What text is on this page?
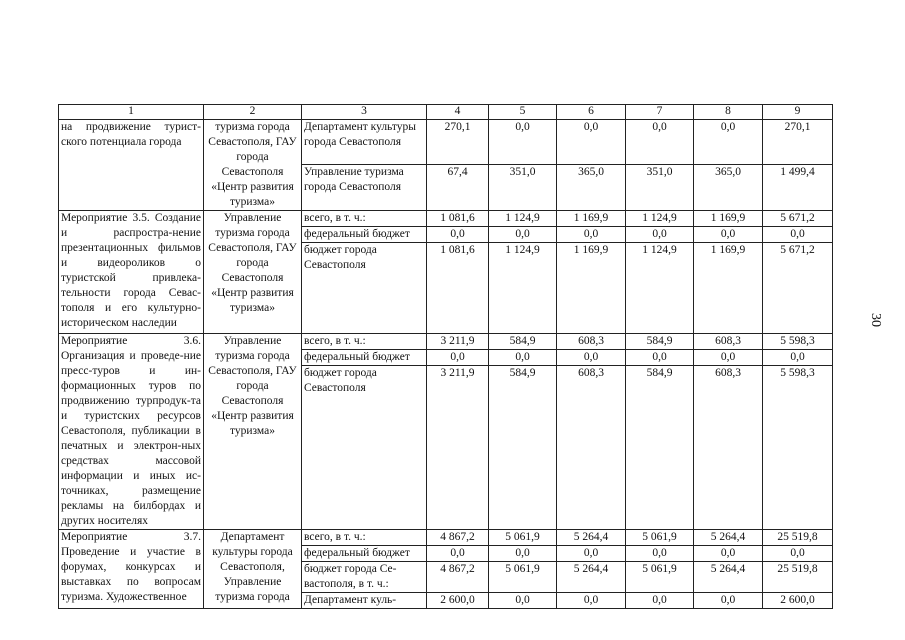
1	2	3	4	5	6	7	8	9
на продвижение турист-ского потенциала города	туризма города Севастополя, ГАУ города Севастополя «Центр развития туризма»	Департамент культуры города Севастополя	270,1	0,0	0,0	0,0	0,0	270,1
		Управление туризма города Севастополя	67,4	351,0	365,0	351,0	365,0	1 499,4
Мероприятие 3.5. Создание и распростра-нение презентационных фильмов и видеороликов о туристской привлека-тельности города Севас-тополя и его культурно-историческом наследии	Управление туризма города Севастополя, ГАУ города Севастополя «Центр развития туризма»	всего, в т. ч.:	1 081,6	1 124,9	1 169,9	1 124,9	1 169,9	5 671,2
		федеральный бюджет	0,0	0,0	0,0	0,0	0,0	0,0
		бюджет города Севастополя	1 081,6	1 124,9	1 169,9	1 124,9	1 169,9	5 671,2
Мероприятие 3.6. Организация и проведе-ние пресс-туров и ин-формационных туров по продвижению турпродук-та и туристских ресурсов Севастополя, публикации в печатных и электрон-ных средствах массовой информации и иных ис-точниках, размещение рекламы на билбордах и других носителях	Управление туризма города Севастополя, ГАУ города Севастополя «Центр развития туризма»	всего, в т. ч.:	3 211,9	584,9	608,3	584,9	608,3	5 598,3
		федеральный бюджет	0,0	0,0	0,0	0,0	0,0	0,0
		бюджет города Севастополя	3 211,9	584,9	608,3	584,9	608,3	5 598,3
Мероприятие 3.7. Проведение и участие в форумах, конкурсах и выставках по вопросам туризма. Художественное	Департамент культуры города Севастополя, Управление туризма города	всего, в т. ч.:	4 867,2	5 061,9	5 264,4	5 061,9	5 264,4	25 519,8
		федеральный бюджет	0,0	0,0	0,0	0,0	0,0	0,0
		бюджет города Се-вастополя, в т. ч.:	4 867,2	5 061,9	5 264,4	5 061,9	5 264,4	25 519,8
		Департамент куль-	2 600,0	0,0	0,0	0,0	0,0	2 600,0
30
